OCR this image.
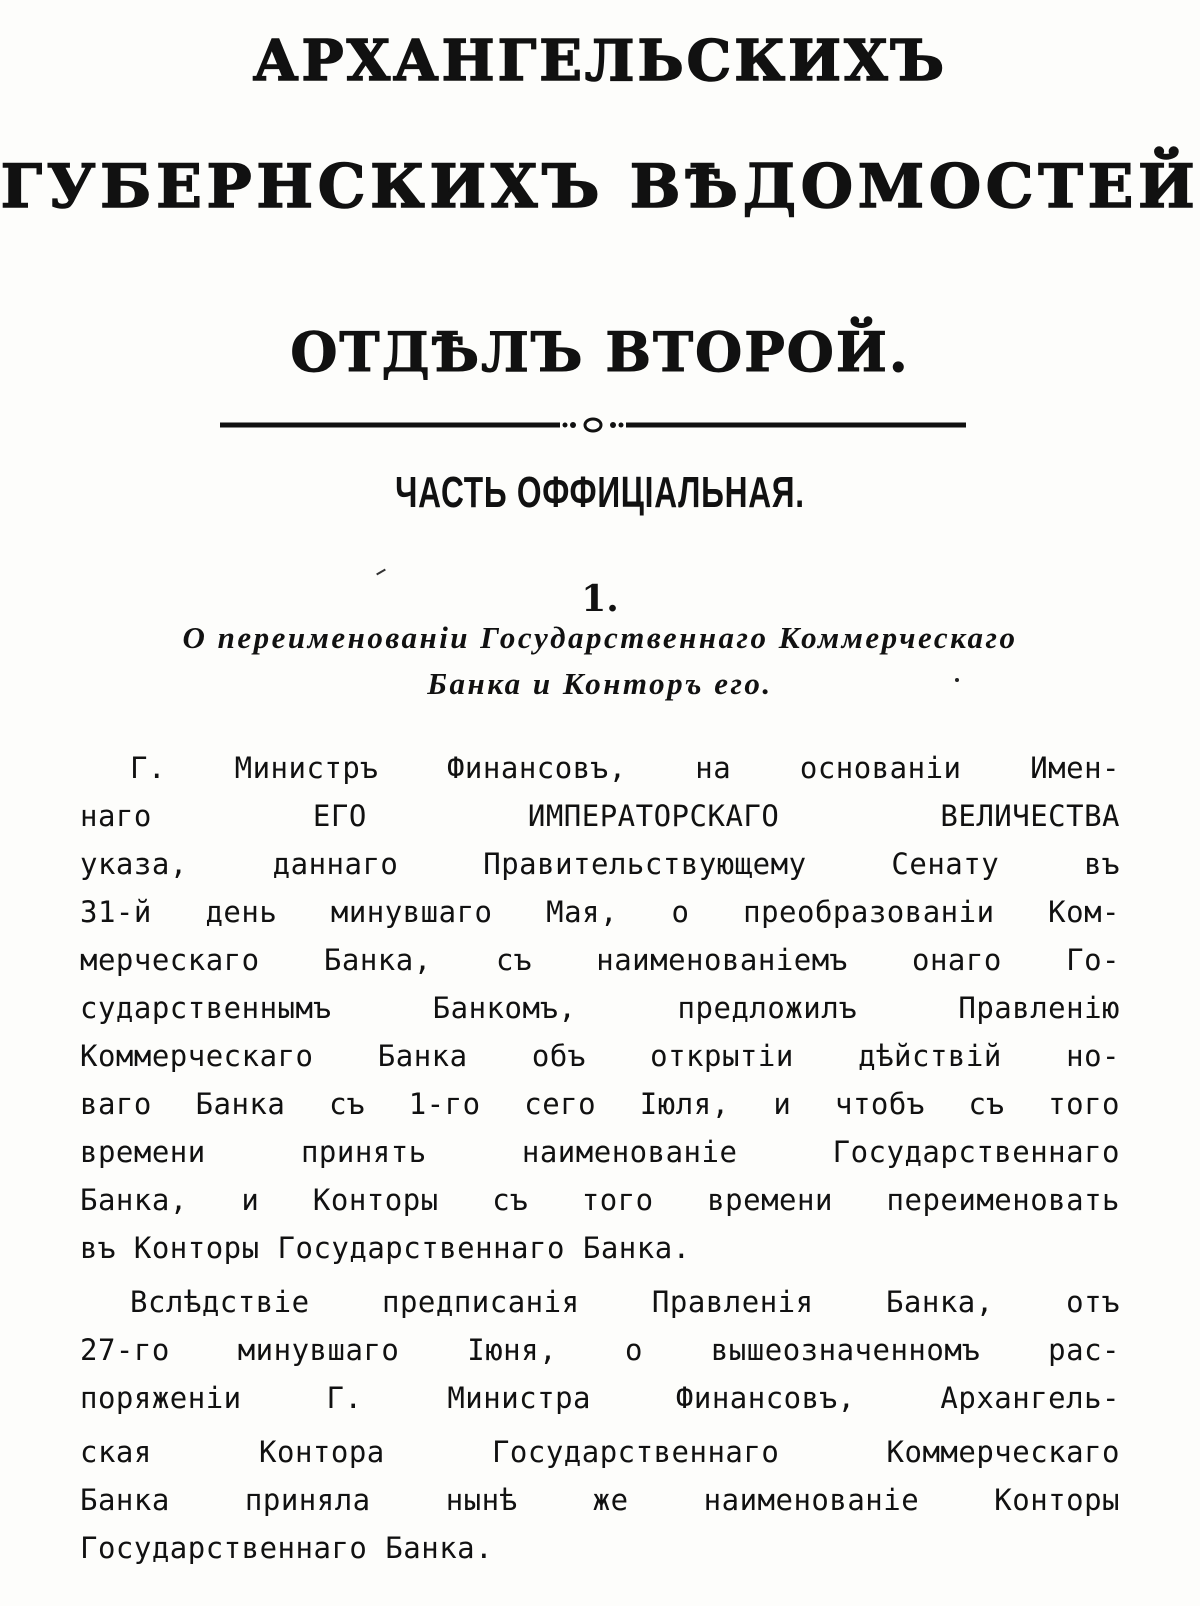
АРХАНГЕЛЬСКИХЪ
ГУБЕРНСКИХЪ ВѢДОМОСТЕЙ
ОТДѢЛЪ ВТОРОЙ.
ЧАСТЬ ОФФИЦІАЛЬНАЯ.
1.
О переименованіи Государственнаго Коммерческаго
Банка и Конторъ его.
Г. Министръ Финансовъ, на основаніи Имен-
наго ЕГО ИМПЕРАТОРСКАГО ВЕЛИЧЕСТВА
указа, даннаго Правительствующему Сенату въ
31-й день минувшаго Мая, о преобразованіи Ком-
мерческаго Банка, съ наименованіемъ онаго Го-
сударственнымъ Банкомъ, предложилъ Правленію
Коммерческаго Банка объ открытіи дѣйствій но-
ваго Банка съ 1-го сего Іюля, и чтобъ съ того
времени принять наименованіе Государственнаго
Банка, и Конторы съ того времени переименовать
въ Конторы Государственнаго Банка.
Вслѣдствіе предписанія Правленія Банка, отъ
27-го минувшаго Іюня, о вышеозначенномъ рас-
поряженіи Г. Министра Финансовъ, Архангель-
ская Контора Государственнаго Коммерческаго
Банка приняла нынѣ же наименованіе Конторы
Государственнаго Банка.
